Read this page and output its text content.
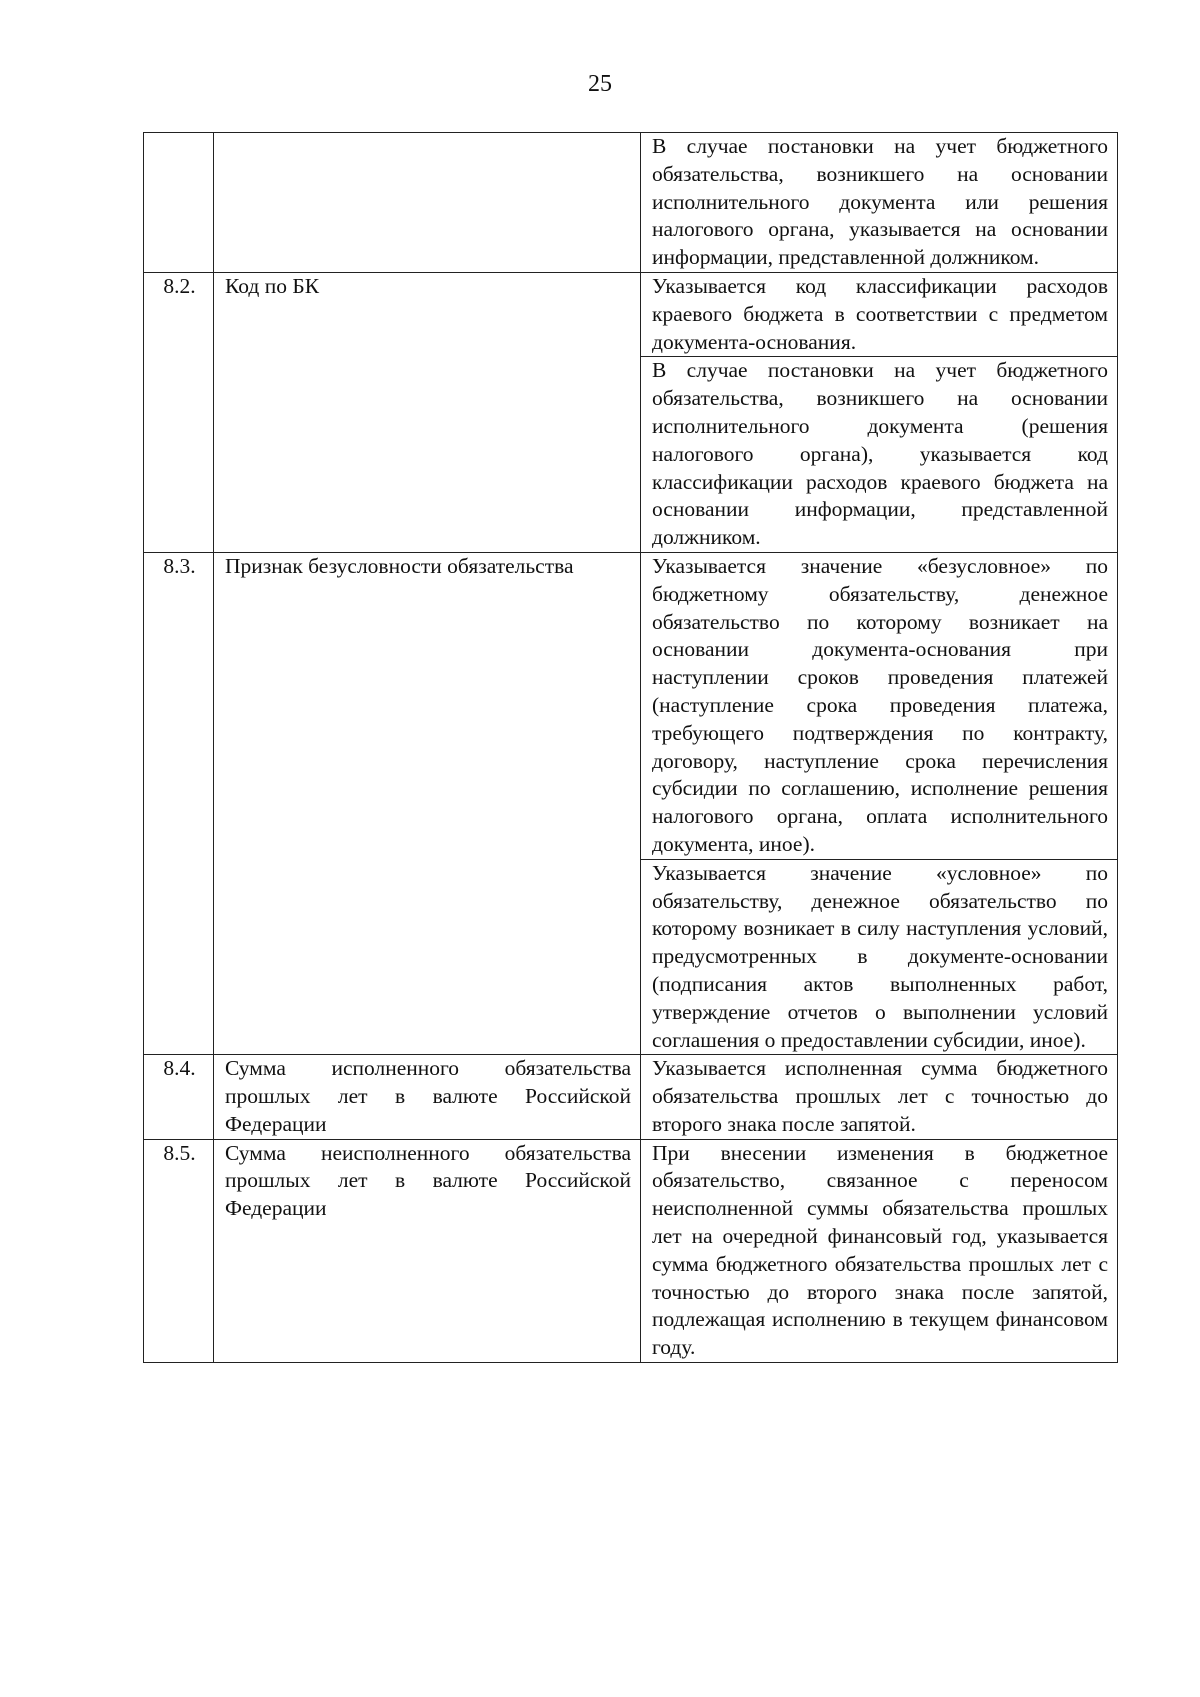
25

		В случае постановки на учет бюджетного обязательства, возникшего на основании исполнительного документа или решения налогового органа, указывается на основании информации, представленной должником.

8.2.	Код по БК	Указывается код классификации расходов краевого бюджета в соответствии с предметом документа-основания.

		В случае постановки на учет бюджетного обязательства, возникшего на основании исполнительного документа (решения налогового органа), указывается код классификации расходов краевого бюджета на основании информации, представленной должником.

8.3.	Признак безусловности обязательства	Указывается значение «безусловное» по бюджетному обязательству, денежное обязательство по которому возникает на основании документа-основания при наступлении сроков проведения платежей (наступление срока проведения платежа, требующего подтверждения по контракту, договору, наступление срока перечисления субсидии по соглашению, исполнение решения налогового органа, оплата исполнительного документа, иное).

		Указывается значение «условное» по обязательству, денежное обязательство по которому возникает в силу наступления условий, предусмотренных в документе-основании (подписания актов выполненных работ, утверждение отчетов о выполнении условий соглашения о предоставлении субсидии, иное).

8.4.	Сумма исполненного обязательства прошлых лет в валюте Российской Федерации	Указывается исполненная сумма бюджетного обязательства прошлых лет с точностью до второго знака после запятой.

8.5.	Сумма неисполненного обязательства прошлых лет в валюте Российской Федерации	При внесении изменения в бюджетное обязательство, связанное с переносом неисполненной суммы обязательства прошлых лет на очередной финансовый год, указывается сумма бюджетного обязательства прошлых лет с точностью до второго знака после запятой, подлежащая исполнению в текущем финансовом году.
